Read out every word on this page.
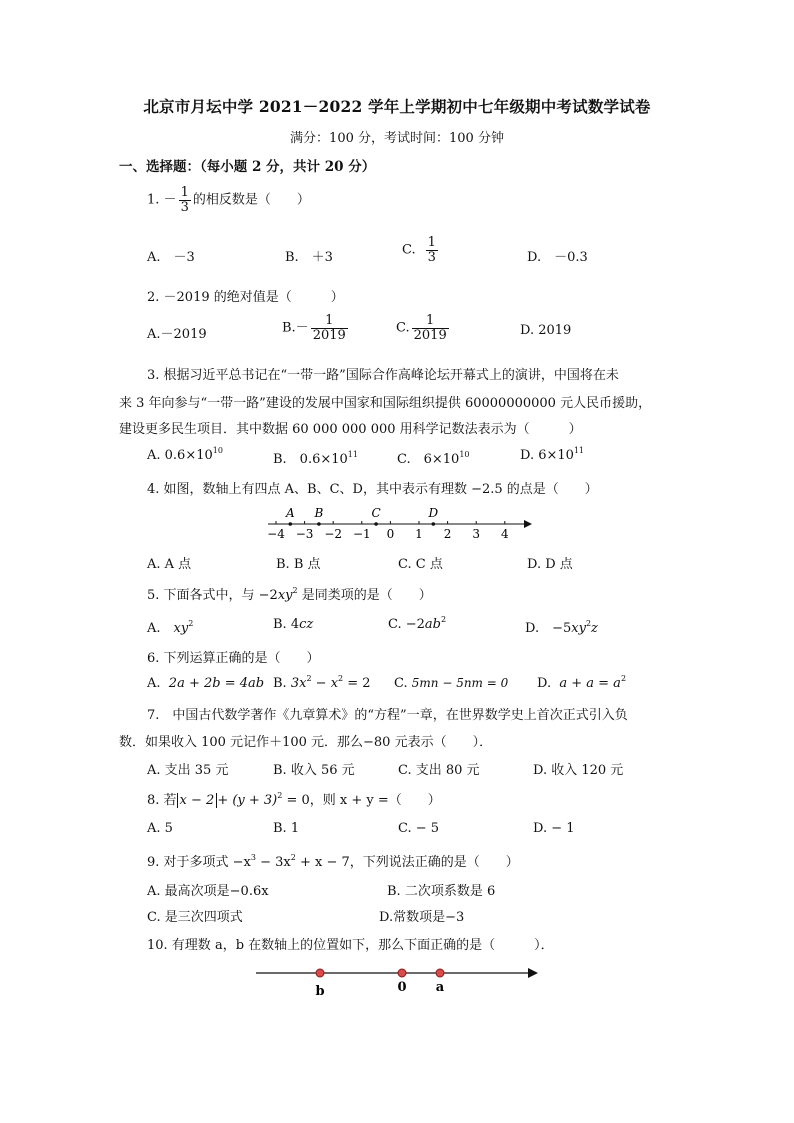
北京市月坛中学 2021－2022 学年上学期初中七年级期中考试数学试卷
满分：100 分，考试时间：100 分钟
一、选择题：（每小题 2 分，共计 20 分）
1. － $\frac{1}{3}$ 的相反数是（　　）
A.　－3	B.　＋3	C. $\frac{1}{3}$	D.　－0.3
2. －2019 的绝对值是（　　　）
A.－2019	$B.- \frac{1}{2019}$	C. $\frac{1}{2019}$	D. 2019
3. 根据习近平总书记在“一带一路”国际合作高峰论坛开幕式上的演讲，中国将在未
来 3 年向参与“一带一路”建设的发展中国家和国际组织提供 60000000000 元人民币援助，
建设更多民生项目．其中数据 60 000 000 000 用科学记数法表示为（　　　）
A. $0.6\times 10^{10}$
B.　$0.6\times 10^{11}$	C.　$6\times 10^{10}$	D. $6\times 10^{11}$
4. 如图，数轴上有四点 A、B、C、D，其中表示有理数 −2.5 的点是（　　）
−4 −3 −2 −1 0 1 2 3 4
A B	C	D
A. A 点	B. B 点	C. C 点	D. D 点
5. 下面各式中，与 $-2xy^2$ 是同类项的是（　　）
A.　$xy^2$	B. 4cz	C. $-2ab^2$
D.　$-5xy^2z$
6. 下列运算正确的是（　　）
A. 2a + 2b = 4ab B. $3x^2 - x^2 = 2$ C. 5mn − 5nm = 0 D. $a + a = a^2$
7.　中国古代数学著作《九章算术》的“方程”一章，在世界数学史上首次正式引入负
数．如果收入 100 元记作＋100 元．那么−80 元表示（　　）．
A. 支出 35 元	B. 收入 56 元	C. 支出 80 元	D. 收入 120 元
8. 若 $x - 2 + (y + 3)^2 = 0$，则 x + y =（　　）
A. 5	B. 1	C. − 5	D. − 1
9. 对于多项式 $-x^3 - 3x^2 + x - 7$，下列说法正确的是（　　）
A. 最高次项是−0.6x	B. 二次项系数是 6
C. 是三次四项式	D.常数项是−3
10. 有理数 a，b 在数轴上的位置如下，那么下面正确的是（　　　）．
b	0 a
